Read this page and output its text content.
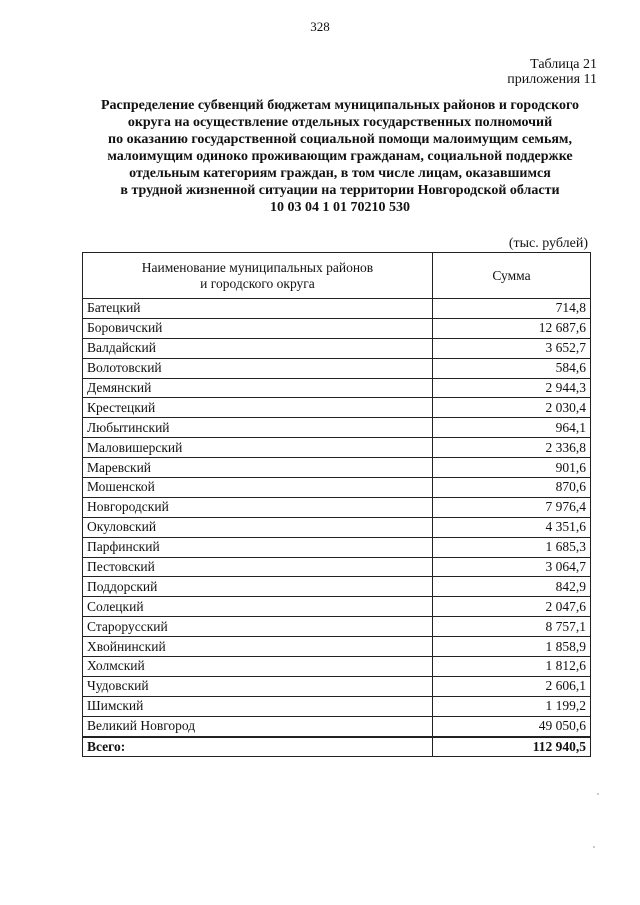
328
Таблица 21
приложения 11
Распределение субвенций бюджетам муниципальных районов и городского
округа на осуществление отдельных государственных полномочий
по оказанию государственной социальной помощи малоимущим семьям,
малоимущим одиноко проживающим гражданам, социальной поддержке
отдельным категориям граждан, в том числе лицам, оказавшимся
в трудной жизненной ситуации на территории Новгородской области
10 03 04 1 01 70210 530
(тыс. рублей)
Наименование муниципальных районов
и городского округа	Сумма
Батецкий	714,8
Боровичский	12 687,6
Валдайский	3 652,7
Волотовский	584,6
Демянский	2 944,3
Крестецкий	2 030,4
Любытинский	964,1
Маловишерский	2 336,8
Маревский	901,6
Мошенской	870,6
Новгородский	7 976,4
Окуловский	4 351,6
Парфинский	1 685,3
Пестовский	3 064,7
Поддорский	842,9
Солецкий	2 047,6
Старорусский	8 757,1
Хвойнинский	1 858,9
Холмский	1 812,6
Чудовский	2 606,1
Шимский	1 199,2
Великий Новгород	49 050,6
Всего:	112 940,5
